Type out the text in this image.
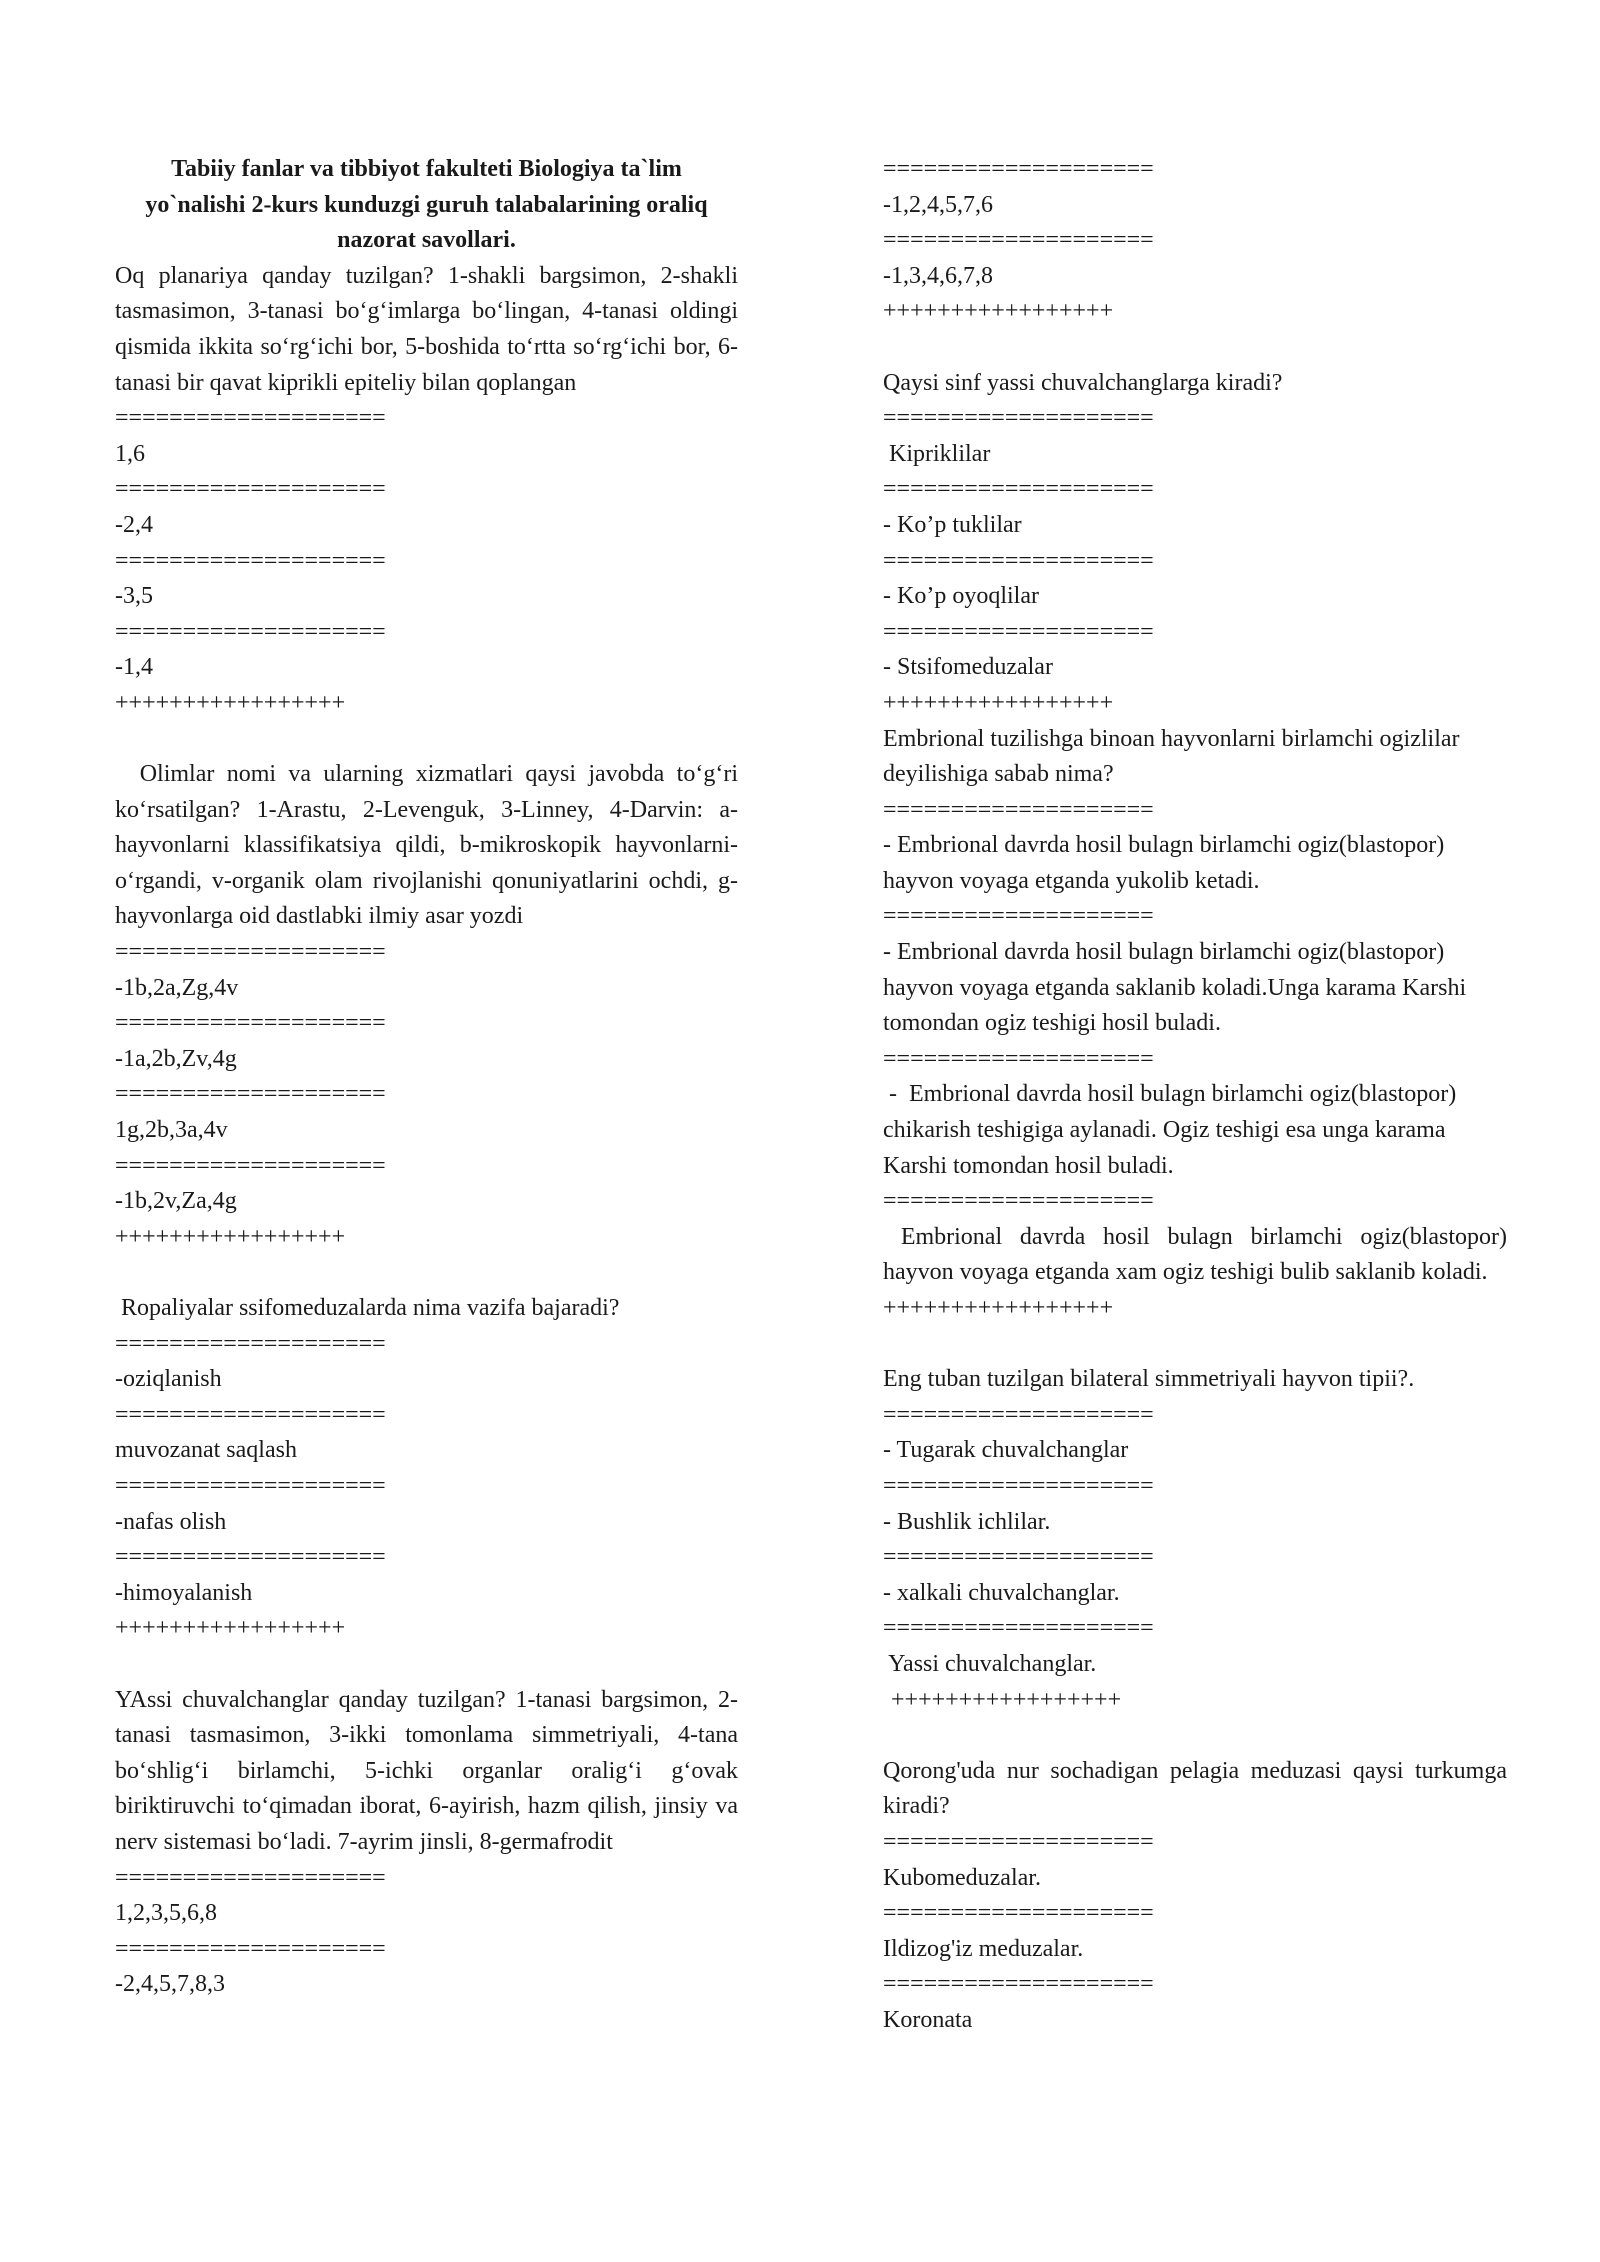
Tabiiy fanlar va tibbiyot fakulteti Biologiya ta`lim yo`nalishi 2-kurs kunduzgi guruh talabalarining oraliq nazorat savollari.

Oq planariya qanday tuzilgan? 1-shakli bargsimon, 2-shakli tasmasimon, 3-tanasi bo‘g‘imlarga bo‘lingan, 4-tanasi oldingi qismida ikkita so‘rg‘ichi bor, 5-boshida to‘rtta so‘rg‘ichi bor, 6-tanasi bir qavat kiprikli epiteliy bilan qoplangan

====================
1,6
====================
-2,4
====================
-3,5
====================
-1,4
+++++++++++++++++

Olimlar nomi va ularning xizmatlari qaysi javobda to‘g‘ri ko‘rsatilgan? 1-Arastu, 2-Levenguk, 3-Linney, 4-Darvin: a-hayvonlarni klassifikatsiya qildi, b-mikroskopik hayvonlarni-o‘rgandi, v-organik olam rivojlanishi qonuniyatlarini ochdi, g-hayvonlarga oid dastlabki ilmiy asar yozdi

====================
-1b,2a,Zg,4v
====================
-1a,2b,Zv,4g
====================
1g,2b,3a,4v
====================
-1b,2v,Za,4g
+++++++++++++++++
Ropaliyalar ssifomeduzalarda nima vazifa bajaradi?
====================
-oziqlanish
====================
muvozanat saqlash
====================
-nafas olish
====================
-himoyalanish
+++++++++++++++++

YAssi chuvalchanglar qanday tuzilgan? 1-tanasi bargsimon, 2-tanasi tasmasimon, 3-ikki tomonlama simmetriyali, 4-tana bo‘shlig‘i birlamchi, 5-ichki organlar oralig‘i g‘ovak biriktiruvchi to‘qimadan iborat, 6-ayirish, hazm qilish, jinsiy va nerv sistemasi bo‘ladi. 7-ayrim jinsli, 8-germafrodit

====================
1,2,3,5,6,8
====================
-2,4,5,7,8,3
====================
-1,2,4,5,7,6
====================
-1,3,4,6,7,8
+++++++++++++++++
Qaysi sinf yassi chuvalchanglarga kiradi?
====================
Kipriklilar
====================
- Ko’p tuklilar
====================
- Ko’p oyoqlilar
====================
- Stsifomeduzalar
+++++++++++++++++
Embrional tuzilishga binoan hayvonlarni birlamchi ogizlilar deyilishiga sabab nima?
====================
- Embrional davrda hosil bulagn birlamchi ogiz(blastopor) hayvon voyaga etganda yukolib ketadi.
====================
- Embrional davrda hosil bulagn birlamchi ogiz(blastopor) hayvon voyaga etganda saklanib koladi.Unga karama Karshi tomondan ogiz teshigi hosil buladi.
====================
-  Embrional davrda hosil bulagn birlamchi ogiz(blastopor) chikarish teshigiga aylanadi. Ogiz teshigi esa unga karama Karshi tomondan hosil buladi.
====================

Embrional davrda hosil bulagn birlamchi ogiz(blastopor) hayvon voyaga etganda xam ogiz teshigi bulib saklanib koladi.

+++++++++++++++++
Eng tuban tuzilgan bilateral simmetriyali hayvon tipii?.
====================
- Tugarak chuvalchanglar
====================
- Bushlik ichlilar.
====================
- xalkali chuvalchanglar.
====================
Yassi chuvalchanglar.
+++++++++++++++++

Qorong'uda nur sochadigan pelagia meduzasi qaysi turkumga kiradi?

====================
Kubomeduzalar.
====================
Ildizog'iz meduzalar.
====================
Koronata
